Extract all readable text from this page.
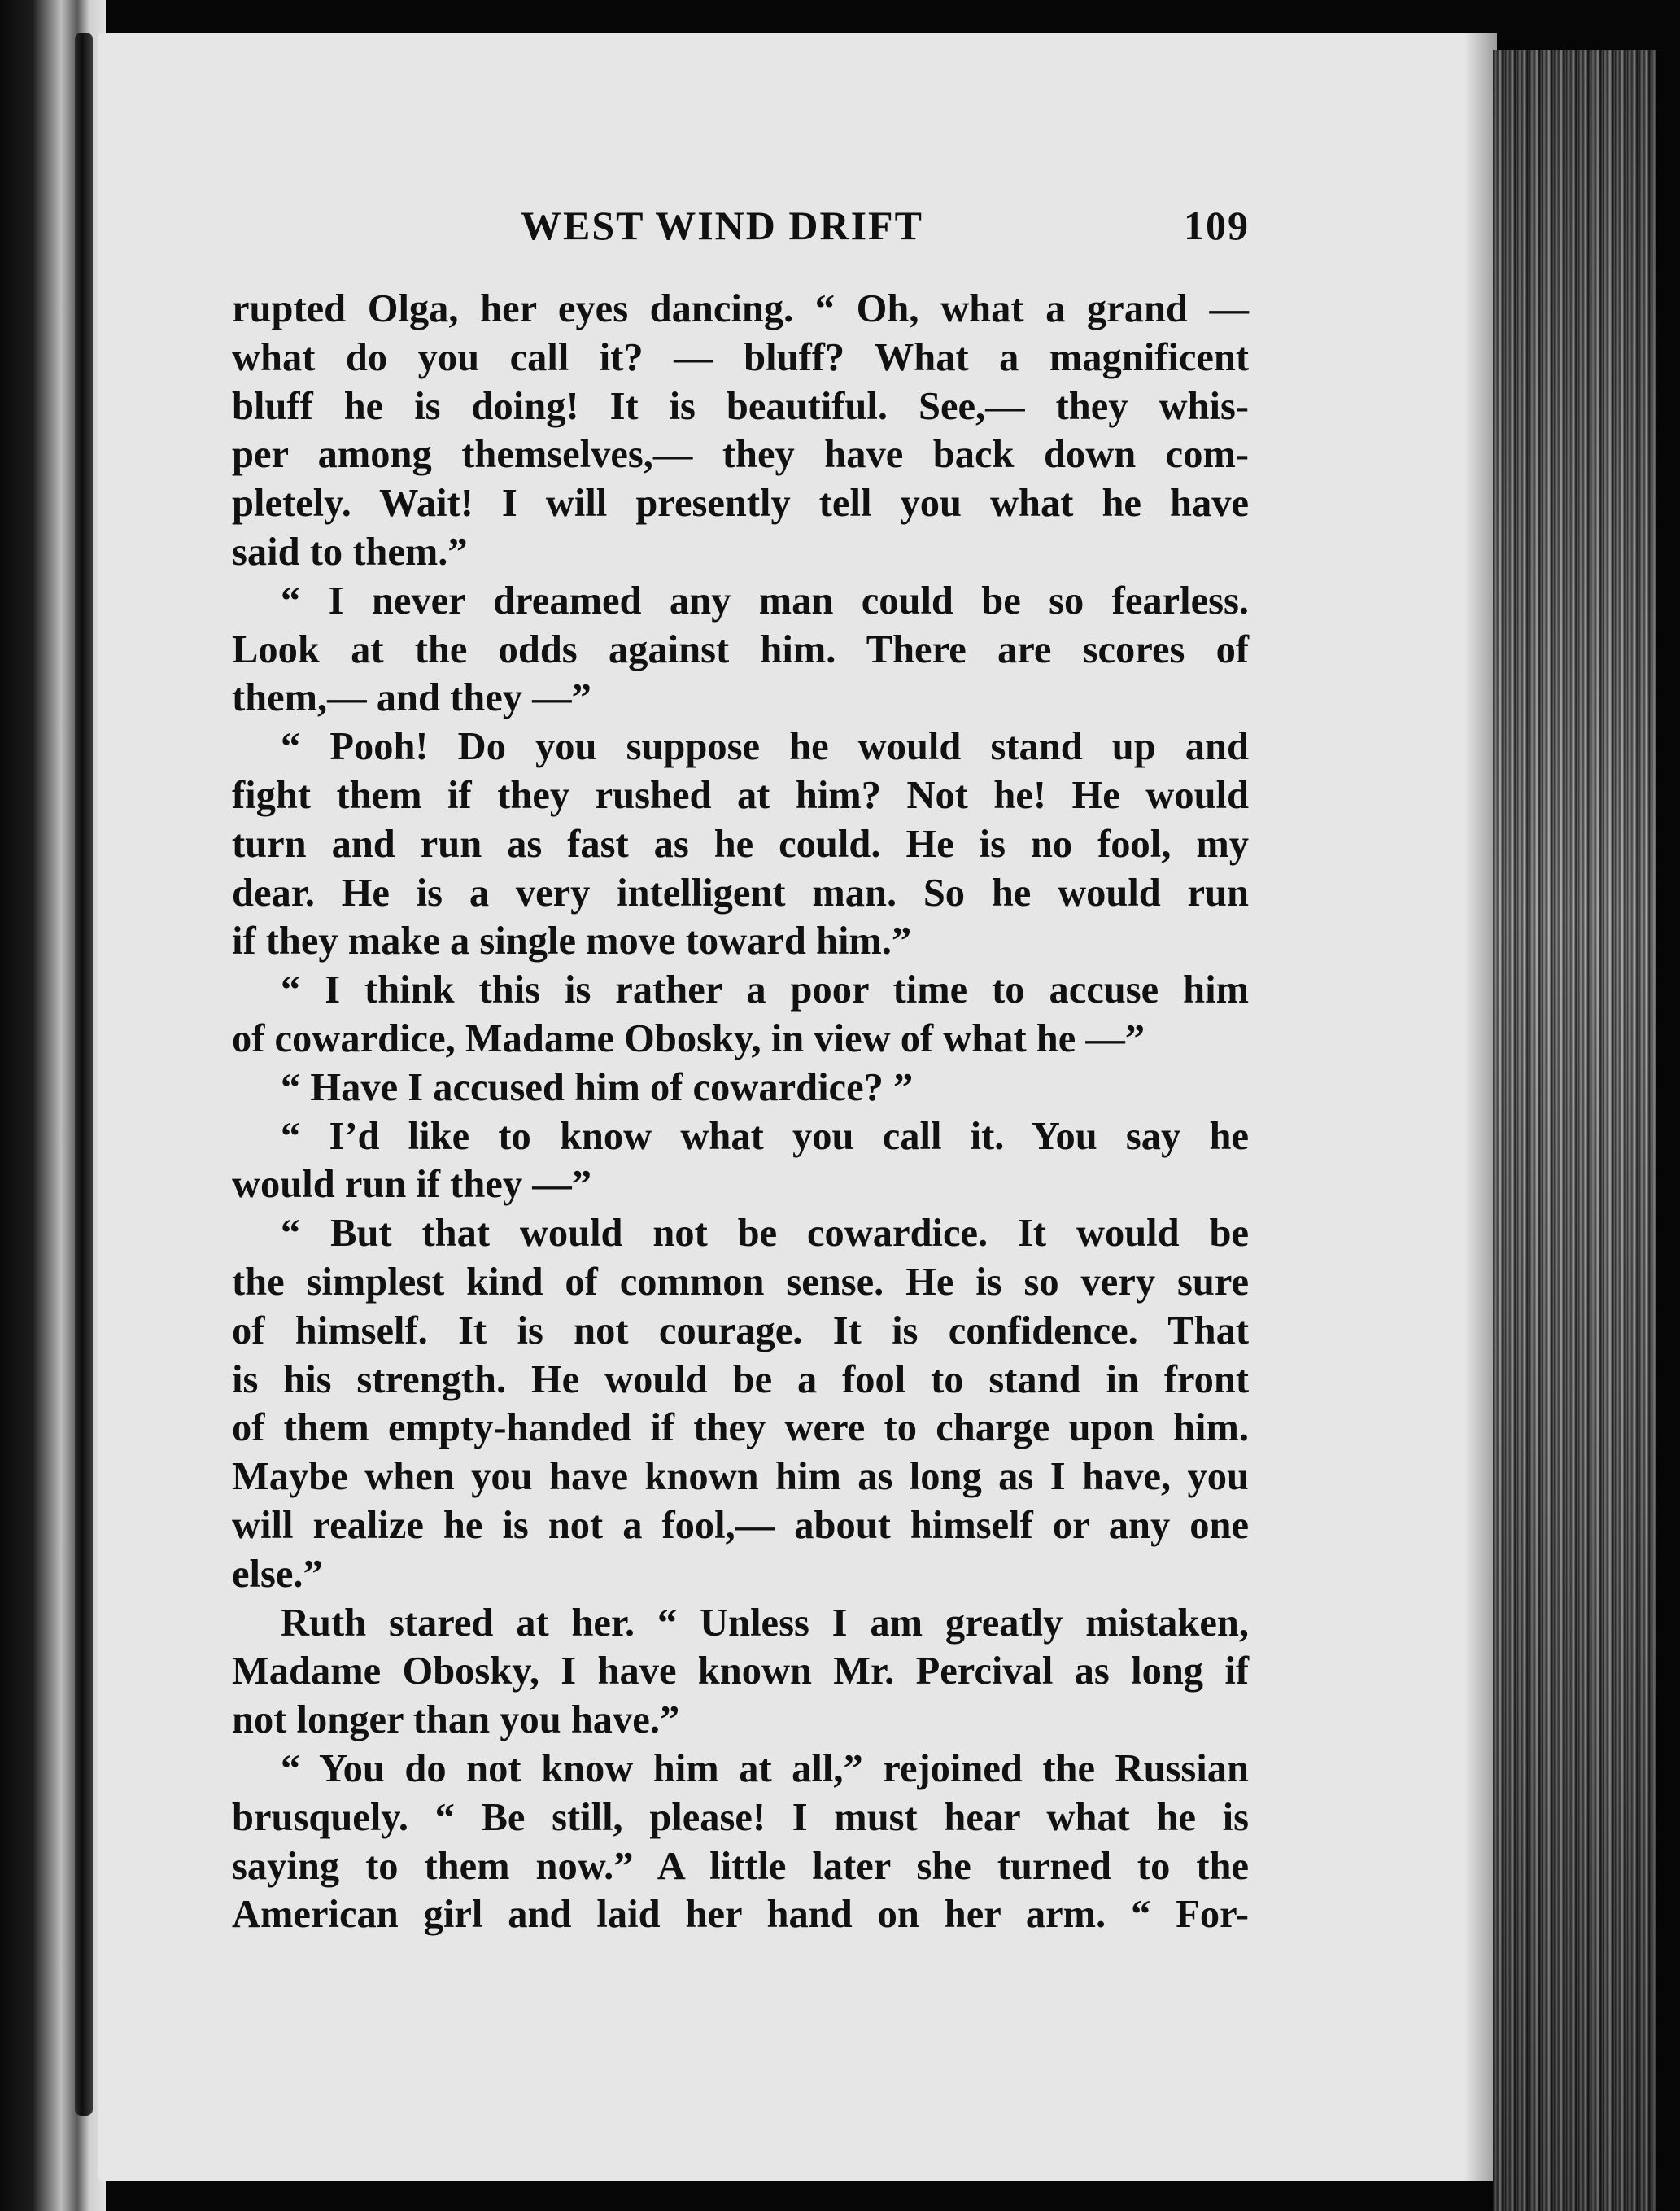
WEST WIND DRIFT	109
rupted Olga, her eyes dancing. “ Oh, what a grand —
what do you call it? — bluff? What a magnificent
bluff he is doing! It is beautiful. See,— they whis-
per among themselves,— they have back down com-
pletely. Wait! I will presently tell you what he have
said to them.”
“ I never dreamed any man could be so fearless.
Look at the odds against him. There are scores of
them,— and they —”
“ Pooh! Do you suppose he would stand up and
fight them if they rushed at him? Not he! He would
turn and run as fast as he could. He is no fool, my
dear. He is a very intelligent man. So he would run
if they make a single move toward him.”
“ I think this is rather a poor time to accuse him
of cowardice, Madame Obosky, in view of what he —”
“ Have I accused him of cowardice? ”
“ I’d like to know what you call it. You say he
would run if they —”
“ But that would not be cowardice. It would be
the simplest kind of common sense. He is so very sure
of himself. It is not courage. It is confidence. That
is his strength. He would be a fool to stand in front
of them empty-handed if they were to charge upon him.
Maybe when you have known him as long as I have, you
will realize he is not a fool,— about himself or any one
else.”
Ruth stared at her. “ Unless I am greatly mistaken,
Madame Obosky, I have known Mr. Percival as long if
not longer than you have.”
“ You do not know him at all,” rejoined the Russian
brusquely. “ Be still, please! I must hear what he is
saying to them now.” A little later she turned to the
American girl and laid her hand on her arm. “ For-
